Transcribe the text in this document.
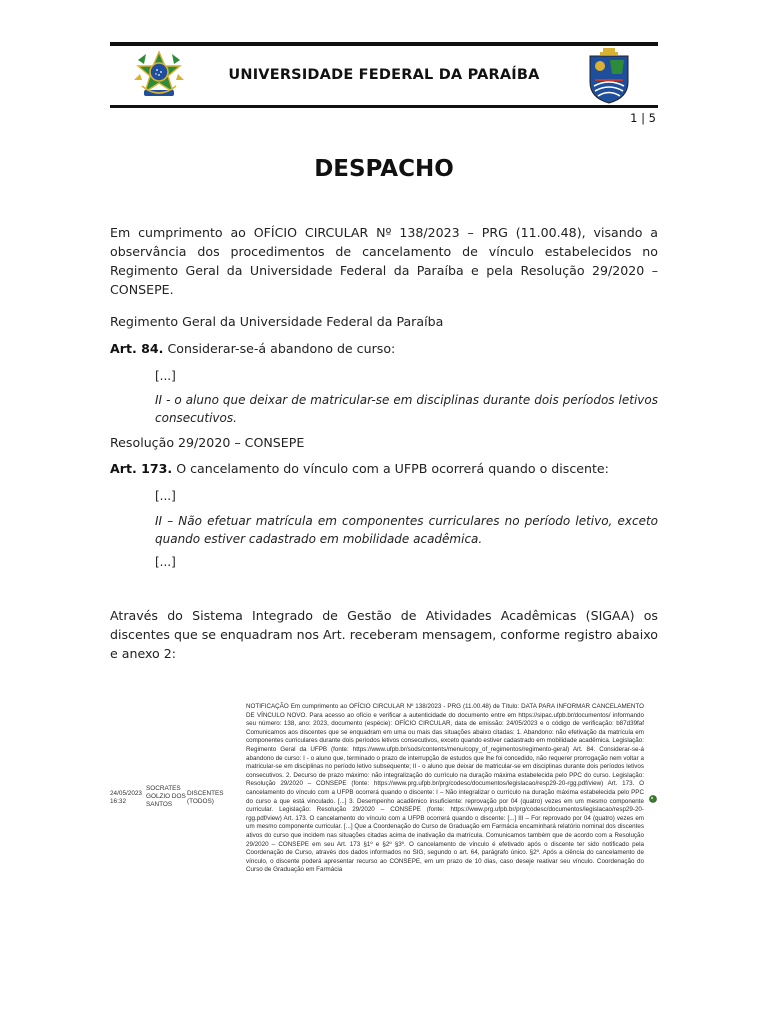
UNIVERSIDADE FEDERAL DA PARAÍBA
1 | 5
DESPACHO
Em cumprimento ao OFÍCIO CIRCULAR Nº 138/2023 – PRG (11.00.48), visando a observância dos procedimentos de cancelamento de vínculo estabelecidos no Regimento Geral da Universidade Federal da Paraíba e pela Resolução 29/2020 – CONSEPE.
Regimento Geral da Universidade Federal da Paraíba
Art. 84. Considerar-se-á abandono de curso:
[...]
II - o aluno que deixar de matricular-se em disciplinas durante dois períodos letivos consecutivos.
Resolução 29/2020 – CONSEPE
Art. 173. O cancelamento do vínculo com a UFPB ocorrerá quando o discente:
[...]
II – Não efetuar matrícula em componentes curriculares no período letivo, exceto quando estiver cadastrado em mobilidade acadêmica.
[...]
Através do Sistema Integrado de Gestão de Atividades Acadêmicas (SIGAA) os discentes que se enquadram nos Art. receberam mensagem, conforme registro abaixo e anexo 2:
24/05/2023 16:32
SOCRATES GOLZIO DOS SANTOS
DISCENTES (TODOS)
NOTIFICAÇÃO Em cumprimento ao OFÍCIO CIRCULAR Nº 138/2023 - PRG (11.00.48) de Título: DATA PARA INFORMAR CANCELAMENTO DE VÍNCULO NOVO. Para acesso ao ofício e verificar a autenticidade do documento entre em https://sipac.ufpb.br/documentos/ informando seu número: 138, ano: 2023, documento (espécie): OFÍCIO CIRCULAR, data de emissão: 24/05/2023 e o código de verificação: b87d39faf Comunicamos aos discentes que se enquadram em uma ou mais das situações abaixo citadas: 1. Abandono: não efetivação da matrícula em componentes curriculares durante dois períodos letivos consecutivos, exceto quando estiver cadastrado em mobilidade acadêmica. Legislação: Regimento Geral da UFPB (fonte: https://www.ufpb.br/sods/contents/menu/copy_of_regimentos/regimento-geral) Art. 84. Considerar-se-á abandono de curso: I - o aluno que, terminado o prazo de interrupção de estudos que lhe foi concedido, não requerer prorrogação nem voltar a matricular-se em disciplinas no período letivo subsequente; II - o aluno que deixar de matricular-se em disciplinas durante dois períodos letivos consecutivos. 2. Decurso de prazo máximo: não integralização do currículo na duração máxima estabelecida pelo PPC do curso. Legislação: Resolução 29/2020 – CONSEPE (fonte: https://www.prg.ufpb.br/prg/codesc/documentos/legislacao/resp29-20-rgg.pdf/view) Art. 173. O cancelamento do vínculo com a UFPB ocorrerá quando o discente: I – Não integralizar o currículo na duração máxima estabelecida pelo PPC do curso a que está vinculado. [...] 3. Desempenho acadêmico insuficiente: reprovação por 04 (quatro) vezes em um mesmo componente curricular. Legislação: Resolução 29/2020 – CONSEPE (fonte: https://www.prg.ufpb.br/prg/codesc/documentos/legislacao/resp29-20-rgg.pdf/view) Art. 173. O cancelamento do vínculo com a UFPB ocorrerá quando o discente: [...] III – For reprovado por 04 (quatro) vezes em um mesmo componente curricular. [...] Que a Coordenação do Curso de Graduação em Farmácia encaminhará relatório nominal dos discentes ativos do curso que incidem nas situações citadas acima de inativação da matrícula. Comunicamos também que de acordo com a Resolução 29/2020 – CONSEPE em seu Art. 173 §1º e §2º §3º. O cancelamento de vínculo é efetivado após o discente ter sido notificado pela Coordenação de Curso, através dos dados informados no SIG, segundo o art. 64, parágrafo único. §2º. Após a ciência do cancelamento de vínculo, o discente poderá apresentar recurso ao CONSEPE, em um prazo de 10 dias, caso deseje reativar seu vínculo. Coordenação do Curso de Graduação em Farmácia
